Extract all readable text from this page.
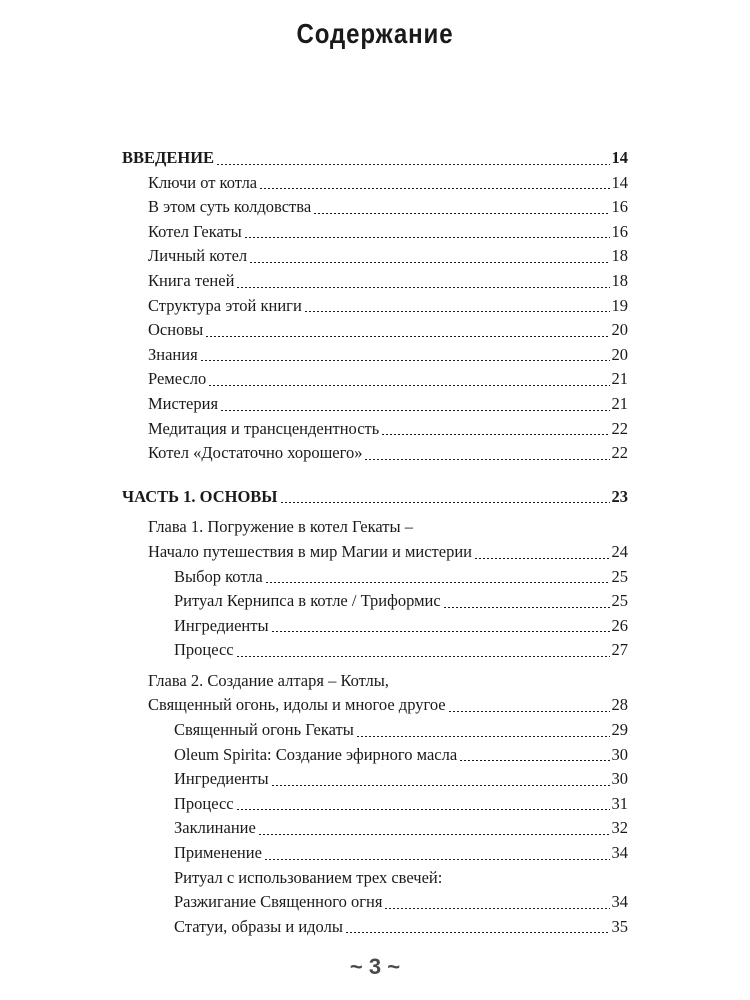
Содержание
ВВЕДЕНИЕ	14
Ключи от котла	14
В этом суть колдовства	16
Котел Гекаты	16
Личный котел	18
Книга теней	18
Структура этой книги	19
Основы	20
Знания	20
Ремесло	21
Мистерия	21
Медитация и трансцендентность	22
Котел «Достаточно хорошего»	22
ЧАСТЬ 1. ОСНОВЫ	23
Глава 1. Погружение в котел Гекаты –
Начало путешествия в мир Магии и мистерии	24
Выбор котла	25
Ритуал Кернипса в котле / Триформис	25
Ингредиенты	26
Процесс	27
Глава 2. Создание алтаря – Котлы,
Священный огонь, идолы и многое другое	28
Священный огонь Гекаты	29
Oleum Spirita: Создание эфирного масла	30
Ингредиенты	30
Процесс	31
Заклинание	32
Применение	34
Ритуал с использованием трех свечей:
Разжигание Священного огня	34
Статуи, образы и идолы	35
~ 3 ~
